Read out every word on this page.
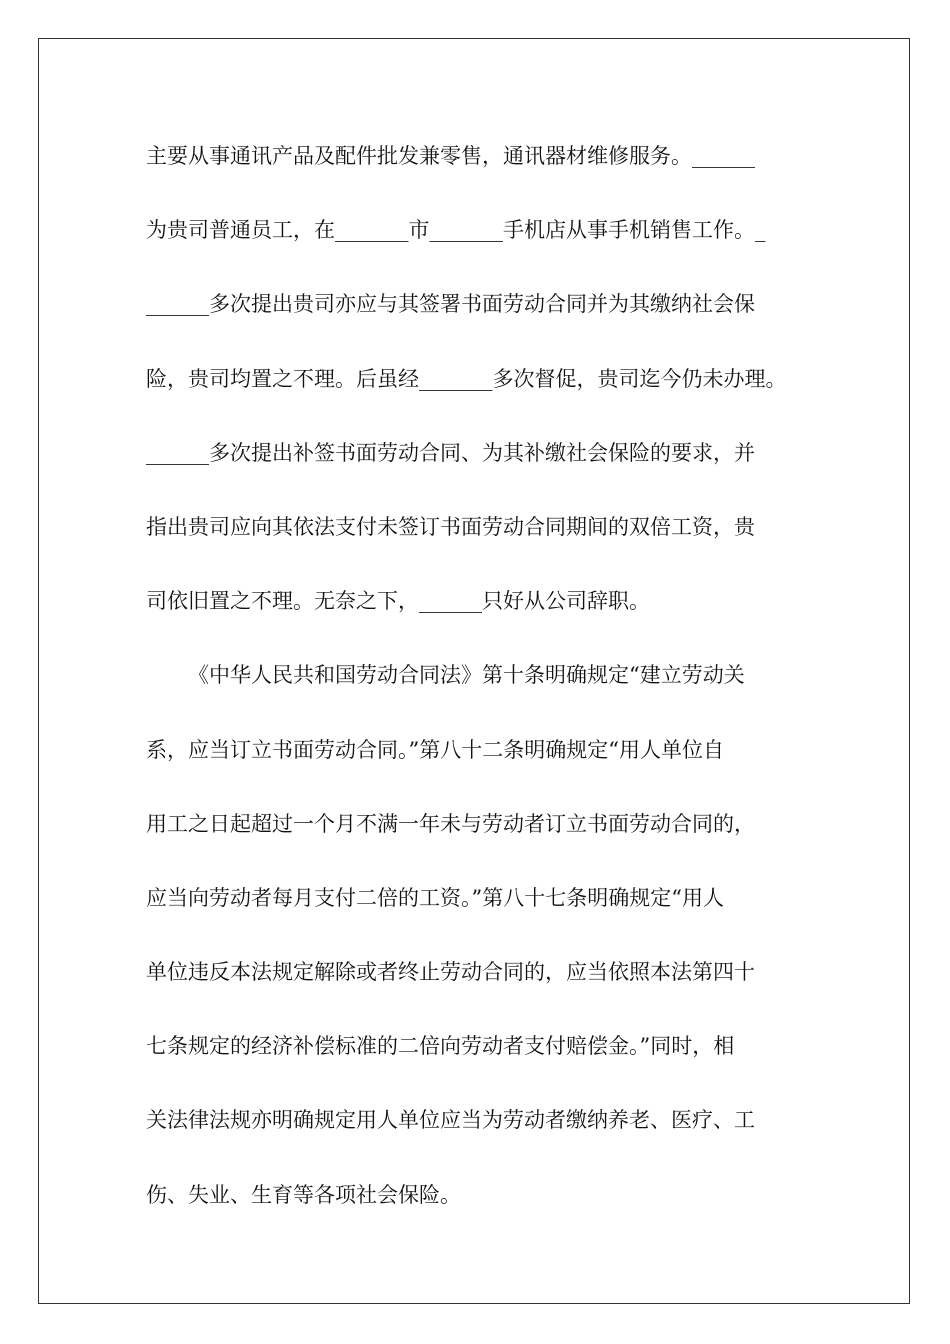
主要从事通讯产品及配件批发兼零售，通讯器材维修服务。______
为贵司普通员工，在_______市_______手机店从事手机销售工作。_
______多次提出贵司亦应与其签署书面劳动合同并为其缴纳社会保
险，贵司均置之不理。后虽经_______多次督促，贵司迄今仍未办理。
______多次提出补签书面劳动合同、为其补缴社会保险的要求，并
指出贵司应向其依法支付未签订书面劳动合同期间的双倍工资，贵
司依旧置之不理。无奈之下，______只好从公司辞职。
《中华人民共和国劳动合同法》第十条明确规定“建立劳动关
系，应当订立书面劳动合同。”第八十二条明确规定“用人单位自
用工之日起超过一个月不满一年未与劳动者订立书面劳动合同的，
应当向劳动者每月支付二倍的工资。”第八十七条明确规定“用人
单位违反本法规定解除或者终止劳动合同的，应当依照本法第四十
七条规定的经济补偿标准的二倍向劳动者支付赔偿金。”同时，相
关法律法规亦明确规定用人单位应当为劳动者缴纳养老、医疗、工
伤、失业、生育等各项社会保险。
